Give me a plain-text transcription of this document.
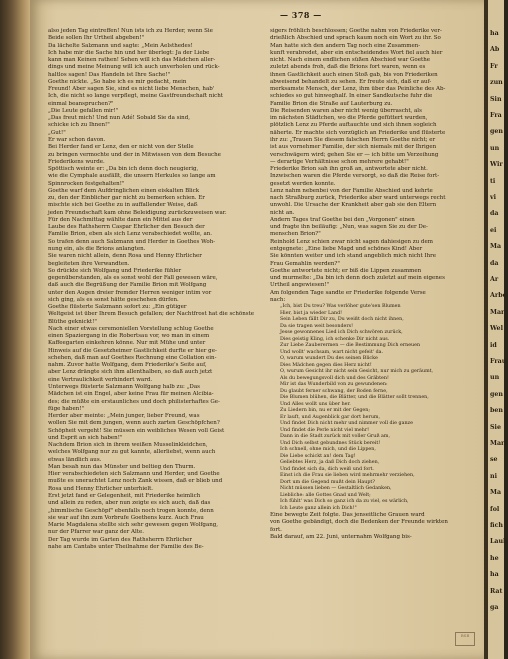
— 378 —
also jeden Tag eintreffen! Nun ists ich zu Herder, wenn Sie
Beide sollen Ihr Urtheil abgeben!"
Da lächelte Salzmann und sagte: „Mein Aelsthedes!
Ich habe mir die Sache hin und her überlegt: Ja der Liebe
kann man Keinen rathen! Sehen will ich das Mädchen aller-
dings und meine Meinung will ich auch unverholen und rück-
haltlos sagen! Das Handeln ist Ihre Sache!"
Goethe nickte. „So habe ich es mir gedacht, mein
Freund! Aber sagen Sie, sind es nicht liebe Menschen, hab'
Ich, die nicht so lange verpflegt, meine Gastfreundschaft nicht
einmal beanspruchen?"
„Die Leute gefallen mir!"
„Das freut mich! Und nun Adé! Sobald Sie da sind,
schicke ich zu Ihnen!"
„Gut!"
Er war schon davon.
Bei Herder fand er Lenz, den er nicht von der Stelle
zu bringen vermochte und der in Mitwissen von dem Besuche
Friederikens wurde.
Spöttisch weinte er: „Da bin ich denn doch neugierig,
wie die Cymphale ausfällt, die unsern Herkules so lange am
Spinnrocken festgehalten!"
Goethe warf dem Aufdringlichen einen eiskalten Blick
zu, den der Einblicher gar nicht zu bemerken schien. Er
mischte sich bei Goethe zu in auffallender Weise, daß
jeden Freundschaft kam ohne Beleidigung zurückzuweisen war.
Für den Nachmittag wählte dann ein Mittel aus der
Laube des Rathsherrn Caspar Ehrlicher den Besuch der
Familie Brion, eben als sich Lenz verabschiedet wollte, an.
So trafen denn auch Salzmann und Herder in Goethes Woh-
nung ein, als die Brions anlangten.
Sie waren nicht allein, denn Rosa und Henny Ehrlicher
begleiteten ihre Verwandten.
So drückte sich Wolfgang und Friederike fühler
gegenüberstanden, als es sonst wohl der Fall gewesen wäre,
daß auch die Begrüßung der Familie Brion mit Wolfgang
unter den Augen dreier fremder Herren weniger intim vor
sich ging, als es sonst hätte geschehen dürfen.
Goethe flüsterte Salzmann sofort zu: „Ein gütiger
Weltgeist ist über Ihrem Besuch gefallen; der Nachtfrost hat die schönste
Blüthe geknickt!"
Nach einer etwas ceremoniellen Vorstellung schlug Goethe
einen Spaziergang in die Robertsau vor, wo man in einem
Kaffeegarten einkehren könne. Nur mit Mühe und unter
Hinweis auf die Gesetzheimer Gastlichkeit durfte er hier ge-
schehen, daß man auf Goethes Rechnung eine Collation ein-
nahm. Zuvor hatte Wolfgang, dem Friederike's Seite auf,
aber Lenz drängte sich ihm allenthalben, so daß auch jetzt
eine Vertraulichkeit verhindert ward.
Unterwegs flüsterte Salzmann Wolfgang halb zu: „Das
Mädchen ist ein Engel, aber keine Frau für meinen Alcibia-
des; die müßte ein erstaunliches und doch philisterhaftes Ge-
füge haben!"
Herder aber meinte: „Mein junger, lieber Freund, was
wollen Sie mit dem jungen, wenn auch zarten Geschöpfchen?
Schöpheit vergeht! Sie müssen ein weibliches Wesen voll Geist
und Esprit an sich haben!"
Nachdem Brion sich in ihrem weißen Musselinkleidchen,
welches Wolfgang nur zu gut kannte, allerliebst, wenn auch
etwas ländlich aus.
Man besah nun das Münster und beltieg den Thurm.
Hier verabschiedeten sich Salzmann und Herder, und Goethe
mußte es unerachtet Lenz noch Zank wissen, daß er blieb und
Rosa und Henny Ehrlicher unterhielt.
Erst jetzt fand er Gelegenheit, mit Friederike heimlich
und allein zu reden, aber nun zeigte es sich auch, daß das
„himmlische Geschöpf" ebenfalls noch trogen konnte, denn
sie war auf ihn zum Vorbrufe Goethens kurz. Auch Frau
Marie Magdalena stellte sich sehr gewesen gegen Wolfgang,
nur der Pfarrer war ganz der Alte.
Der Tag wurde im Garten des Rathsherrn Ehrlicher
nahe am Cantabs unter Theilnahme der Familie des Be-
sigers fröhlich beschlossen; Goethe nahm von Friederike ver-
drießlich Abschied und sprach kaum noch ein Wort zu ihr. So
Man hatte sich den andern Tag noch eine Zusammen-
kunft verabredet, aber ein entscheidendes Wort fiel auch hier
nicht. Nach einem endlichen süßen Abschied war Goethe
zuletzt abends froh, daß die Brions fort waren, wenn es
ihnen Gastlichkeit auch einen Stoß gab, bis von Friederiken
abweisend behandelt zu sehen. Er freute sich, daß er auf-
merksamste Mensch, der Lenz, ihm über das Peinliche des Ab-
schiedes so gut hinweghalf. In einer Sandkutsche fuhr die
Familie Brion die Straße auf Lauterburg zu.
Die Reisenden waren aber nicht wenig überrascht, als
im nächsten Städtchen, wo die Pferde gefüttert wurden,
plötzlich Lenz zu Pferde auftauchte und sich ihnen sogleich
näherte. Er machte sich vorzüglich an Friederike und flüsterte
ihr zu: „Trauen Sie diesem falschen Herrn Goethe nicht; er
ist aus vornehmer Familie, der sich niemals mit der Ihrigen
verschwägern wird; gehen Sie er — ich bitte um Verzeihung
— derartige Verhältnisse schon mehrere gehabt!"
Friederike Brion sah ihn groß an, antwortete aber nicht.
Inzwischen waren die Pferde versorgt, so daß die Reise fort-
gesetzt werden konnte.
Lenz nahm nebenbei von der Familie Abschied und kehrte
nach Straßburg zurück, Friederike aber ward unterwegs recht
unwohl. Die Ursache der Krankheit aber gab sie den Eltern
nicht an.
Andern Tages traf Goethe bei den „Vorgonen" einen
und fragte ihn beiläufig: „Nun, was sagen Sie zu der De-
menschen Brion?"
Reinhold Lenz schien zwar nicht sagen dahiesigen zu dem
entgegnete: „Eine liebe Magd und schönes Kind! Aber
Sie könnten weiter und ich stand angeblich mich nicht Ihre
Frau Gemahlin werden?"
Goethe antwortete nicht; er biß die Lippen zusammen
und murmelte: „Da bin ich denn doch zuletzt auf mein eigenes
Urtheil angewiesen!"
Am folgenden Tage sandte er Friederike folgende Verse
nach:
„Ich, bist Du treu? Was verlöher gute'sen Blumen
Hier, bist ja wieder Land!
Sein Leben fällt Dir zu, Du weißt doch nicht ihnen,
Da sie tragen weit besonders!
Jesse gewonnenes Lied ich Dich schwören zurück,
Dies geistig Kling, ich schenke Dir nicht aus.
Zur Liebe Zauberermen — die Bestimmung Dich erneuen
Und wollt' wachsam, wart nicht gefeit' da.
O, warum wundert Du des seinen Blicke
Dies Mädchen gegen dies Herz nicht!
O, wurum Gesicht ihr nicht sein Gesicht, nur mich zu geräumt,
Als du bewegungsvoll dich und des Gräbten!
Mir ist das Wunderbild von zu gewundenen:
Du glaubt ferner schwang, der Boden ferne,
Die Blumen blühen, die Blätter, und die Blätter sollt trennen,
Und Alles wollt uns über her.
Zu Liedern bin, nu er mit der Gegen;
Er lauft, und Augenblick gar dort herum,
Und findet Dich nicht mehr und nimmer voll die ganze
Und findet die Perle nicht viel mehr!
Dann in die Stadt zurück mit voller Gruß am,
Und Dich selbst gebundnes Stück bereit!
Ich schnell, ohne mich, und die Lippen,
Die Liebe schickt an! dem Tag!
Geliebtes Herz, ja daß Dich doch ziehen,
Und findet sich da, dich weiß und fort.
Einst ich die Frau sie lieben wird mehrmehr verziehen,
Dort um die Gegend mußt dein Haupt?
Nicht müssen lieben — Gestaltlich Gedanken,
Liebliche: alle Gottes Gnad und Welt;
Ich fühlt' was Dich so ganz ich da zu viel, es wärlich,
Ich Leute ganz allein ich Dich!"
Eine bewegte Zeit folgte. Das jenseitliche Grauen ward
von Goethe gebändigt, doch die Bedenken der Freunde wirkten
fort.
Bald darauf, am 22. Juni, unternahm Wolfgang bis-
ha
Ab
Fr
zun
Sin
Fra
gen
un
Wir
ti
vi
da
ei
Ma
da
Ar
Arbe
Mar
Wel
id
Frau
un
gen
ben
Sie
Mari
se
ni
Ma
fol
fich
Laub
he
ha
Rat
ga
BSB
